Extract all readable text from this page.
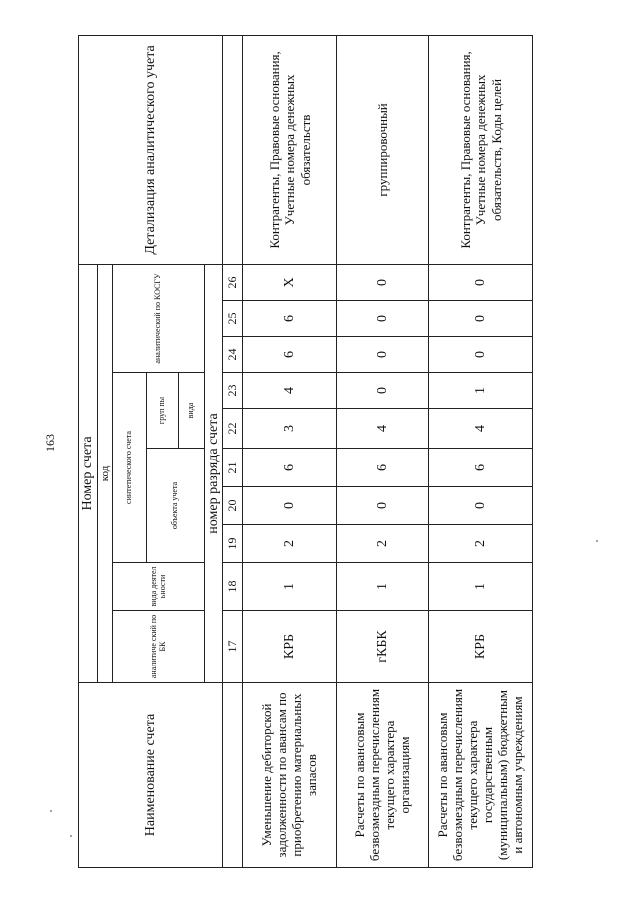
163
Наименование счета	Номер счета										Детализация аналитического учета
	код										
	аналитиче ский по БК	вида деятел ьности	синтетического счета					аналитический по КОСГУ			
			объекта учета			груп пы					
						вида					
	номер разряда счета										
	17	18	19	20	21	22	23	24	25	26	
Уменьшение дебиторской задолженности по авансам по приобретению материальных запасов	КРБ	1	2	0	6	3	4	6	6	Х	Контрагенты, Правовые основания, Учетные номера денежных обязательств
Расчеты по авансовым безвозмездным перечислениям текущего характера организациям	гКБК	1	2	0	6	4	0	0	0	0	группировочный
Расчеты по авансовым безвозмездным перечислениям текущего характера государственным (муниципальным) бюджетным и автономным учреждениям	КРБ	1	2	0	6	4	1	0	0	0	Контрагенты, Правовые основания, Учетные номера денежных обязательств, Коды целей
